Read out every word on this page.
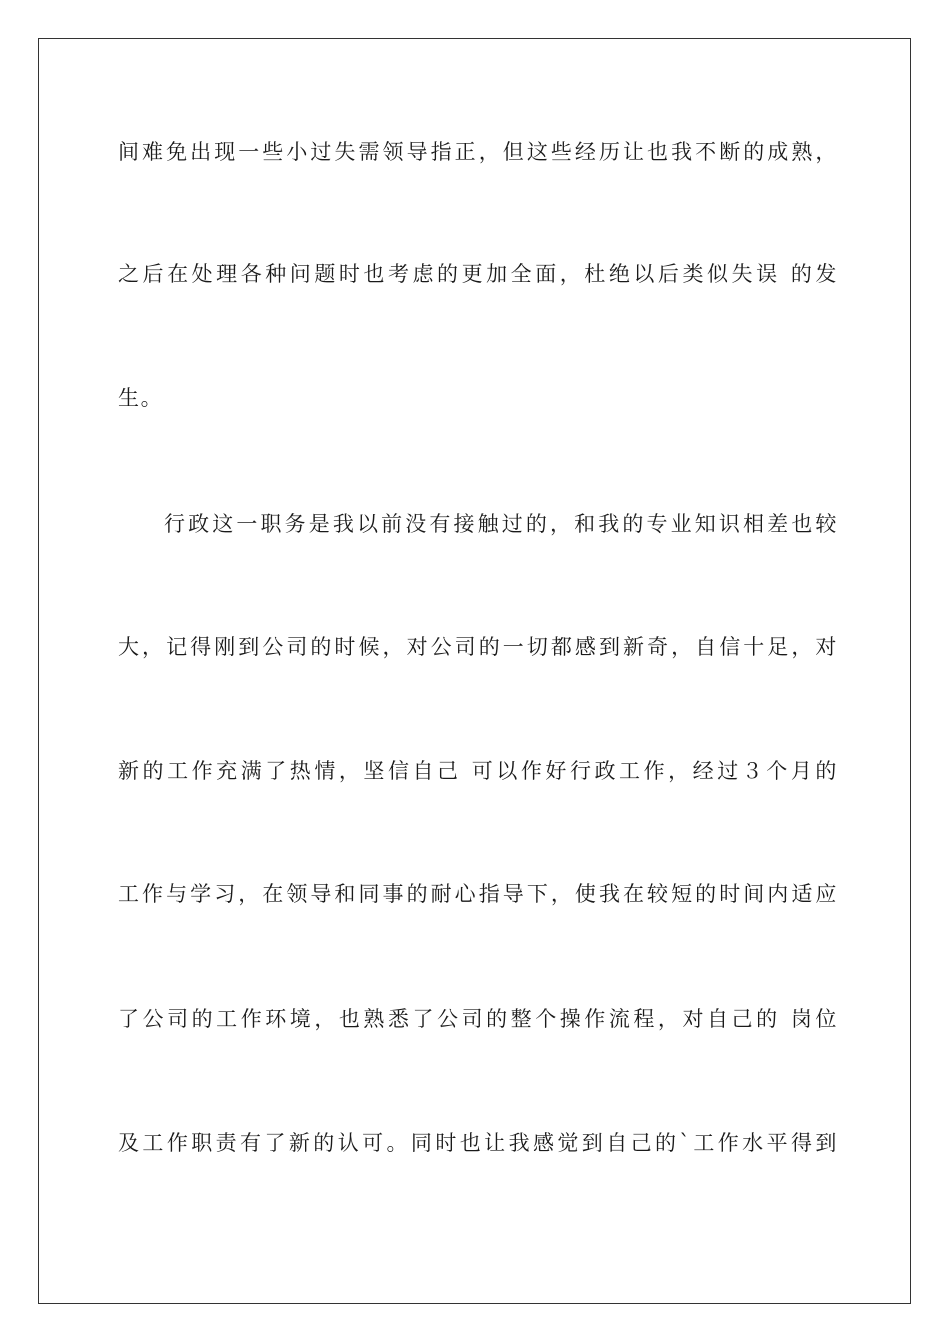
间难免出现一些小过失需领导指正，但这些经历让也我不断的成熟，
之后在处理各种问题时也考虑的更加全面，杜绝以后类似失误 的发
生。
行政这一职务是我以前没有接触过的，和我的专业知识相差也较
大，记得刚到公司的时候，对公司的一切都感到新奇，自信十足，对
新的工作充满了热情，坚信自己 可以作好行政工作，经过３个月的
工作与学习，在领导和同事的耐心指导下，使我在较短的时间内适应
了公司的工作环境，也熟悉了公司的整个操作流程，对自己的 岗位
及工作职责有了新的认可。同时也让我感觉到自己的`工作水平得到
